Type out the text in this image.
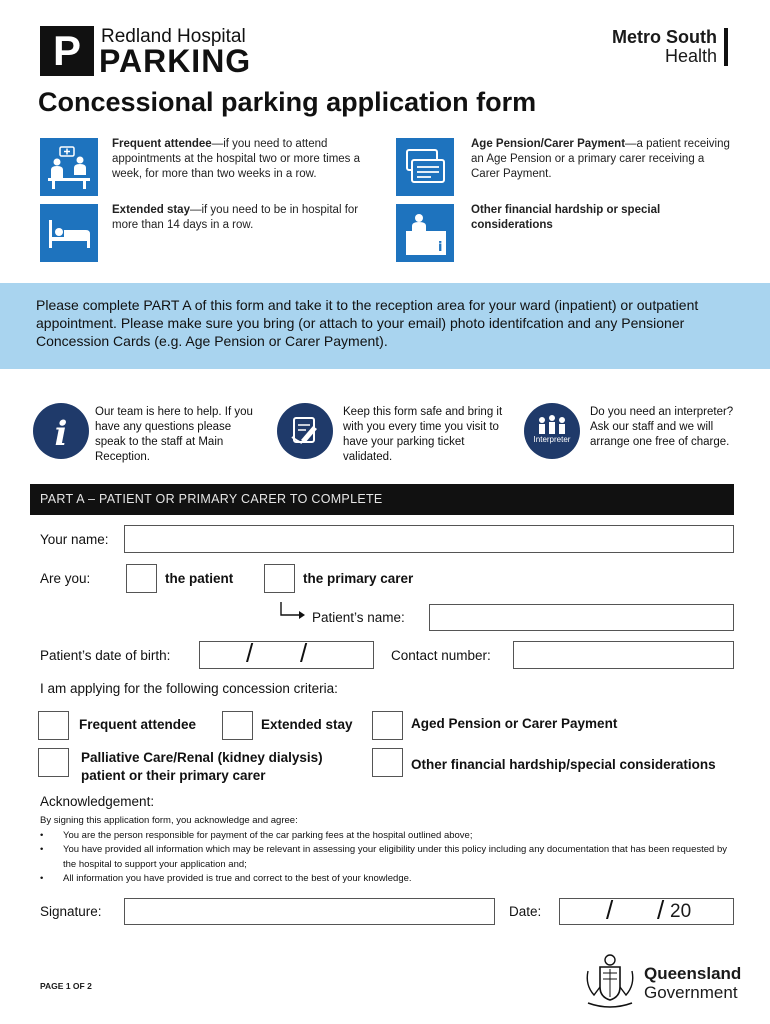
P	Redland Hospital
PARKING
Metro South
Health
Concessional parking application form
Frequent attendee—if you need to attend appointments at the hospital two or more times a week, for more than two weeks in a row.
Age Pension/Carer Payment—a patient receiving an Age Pension or a primary carer receiving a Carer Payment.
Extended stay—if you need to be in hospital for more than 14 days in a row.
i
Other financial hardship or special considerations
Please complete PART A of this form and take it to the reception area for your ward (inpatient) or outpatient appointment. Please make sure you bring (or attach to your email) photo identifcation and any Pensioner Concession Cards (e.g. Age Pension or Carer Payment).
i
Our team is here to help. If you have any questions please speak to the staff at Main Reception.
Keep this form safe and bring it with you every time you visit to have your parking ticket validated.
Interpreter
Do you need an interpreter? Ask our staff and we will arrange one free of charge.
PART A – PATIENT OR PRIMARY CARER TO COMPLETE
Your name:
Are you:	the patient	the primary carer
Patient’s name:
Patient’s date of birth:	/ /	Contact number:
I am applying for the following concession criteria:
Frequent attendee	Extended stay	Aged Pension or Carer Payment
Palliative Care/Renal (kidney dialysis)
patient or their primary carer
Other financial hardship/special considerations
Acknowledgement:
By signing this application form, you acknowledge and agree:
• You are the person responsible for payment of the car parking fees at the hospital outlined above;
• You have provided all information which may be relevant in assessing your eligibility under this policy including any documentation that has been requested by the hospital to support your application and;
• All information you have provided is true and correct to the best of your knowledge.
Signature:	Date: / / 20
PAGE 1 OF 2
Queensland
Government
